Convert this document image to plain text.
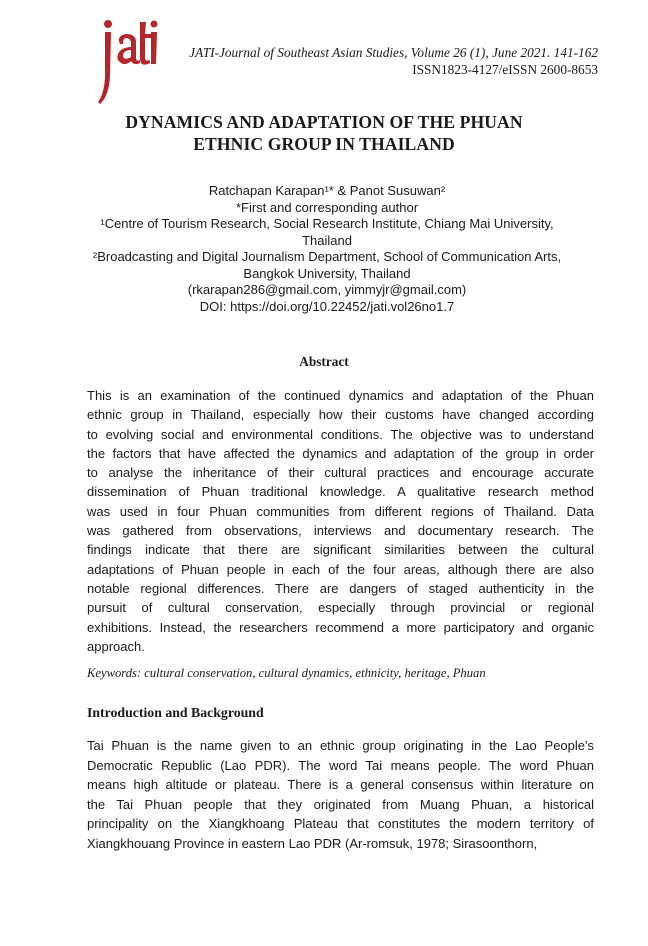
JATI-Journal of Southeast Asian Studies, Volume 26 (1), June 2021. 141-162
ISSN1823-4127/eISSN 2600-8653
DYNAMICS AND ADAPTATION OF THE PHUAN
ETHNIC GROUP IN THAILAND
Ratchapan Karapan¹* & Panot Susuwan²
*First and corresponding author
¹Centre of Tourism Research, Social Research Institute, Chiang Mai University,
Thailand
²Broadcasting and Digital Journalism Department, School of Communication Arts,
Bangkok University, Thailand
(rkarapan286@gmail.com, yimmyjr@gmail.com)
DOI: https://doi.org/10.22452/jati.vol26no1.7
Abstract
This is an examination of the continued dynamics and adaptation of the Phuan
ethnic group in Thailand, especially how their customs have changed according
to evolving social and environmental conditions. The objective was to understand
the factors that have affected the dynamics and adaptation of the group in order
to analyse the inheritance of their cultural practices and encourage accurate
dissemination of Phuan traditional knowledge. A qualitative research method
was used in four Phuan communities from different regions of Thailand. Data
was gathered from observations, interviews and documentary research. The
findings indicate that there are significant similarities between the cultural
adaptations of Phuan people in each of the four areas, although there are also
notable regional differences. There are dangers of staged authenticity in the
pursuit of cultural conservation, especially through provincial or regional
exhibitions. Instead, the researchers recommend a more participatory and organic
approach.
Keywords: cultural conservation, cultural dynamics, ethnicity, heritage, Phuan
Introduction and Background
Tai Phuan is the name given to an ethnic group originating in the Lao People's
Democratic Republic (Lao PDR). The word Tai means people. The word Phuan
means high altitude or plateau. There is a general consensus within literature on
the Tai Phuan people that they originated from Muang Phuan, a historical
principality on the Xiangkhoang Plateau that constitutes the modern territory of
Xiangkhouang Province in eastern Lao PDR (Ar-romsuk, 1978; Sirasoonthorn,
